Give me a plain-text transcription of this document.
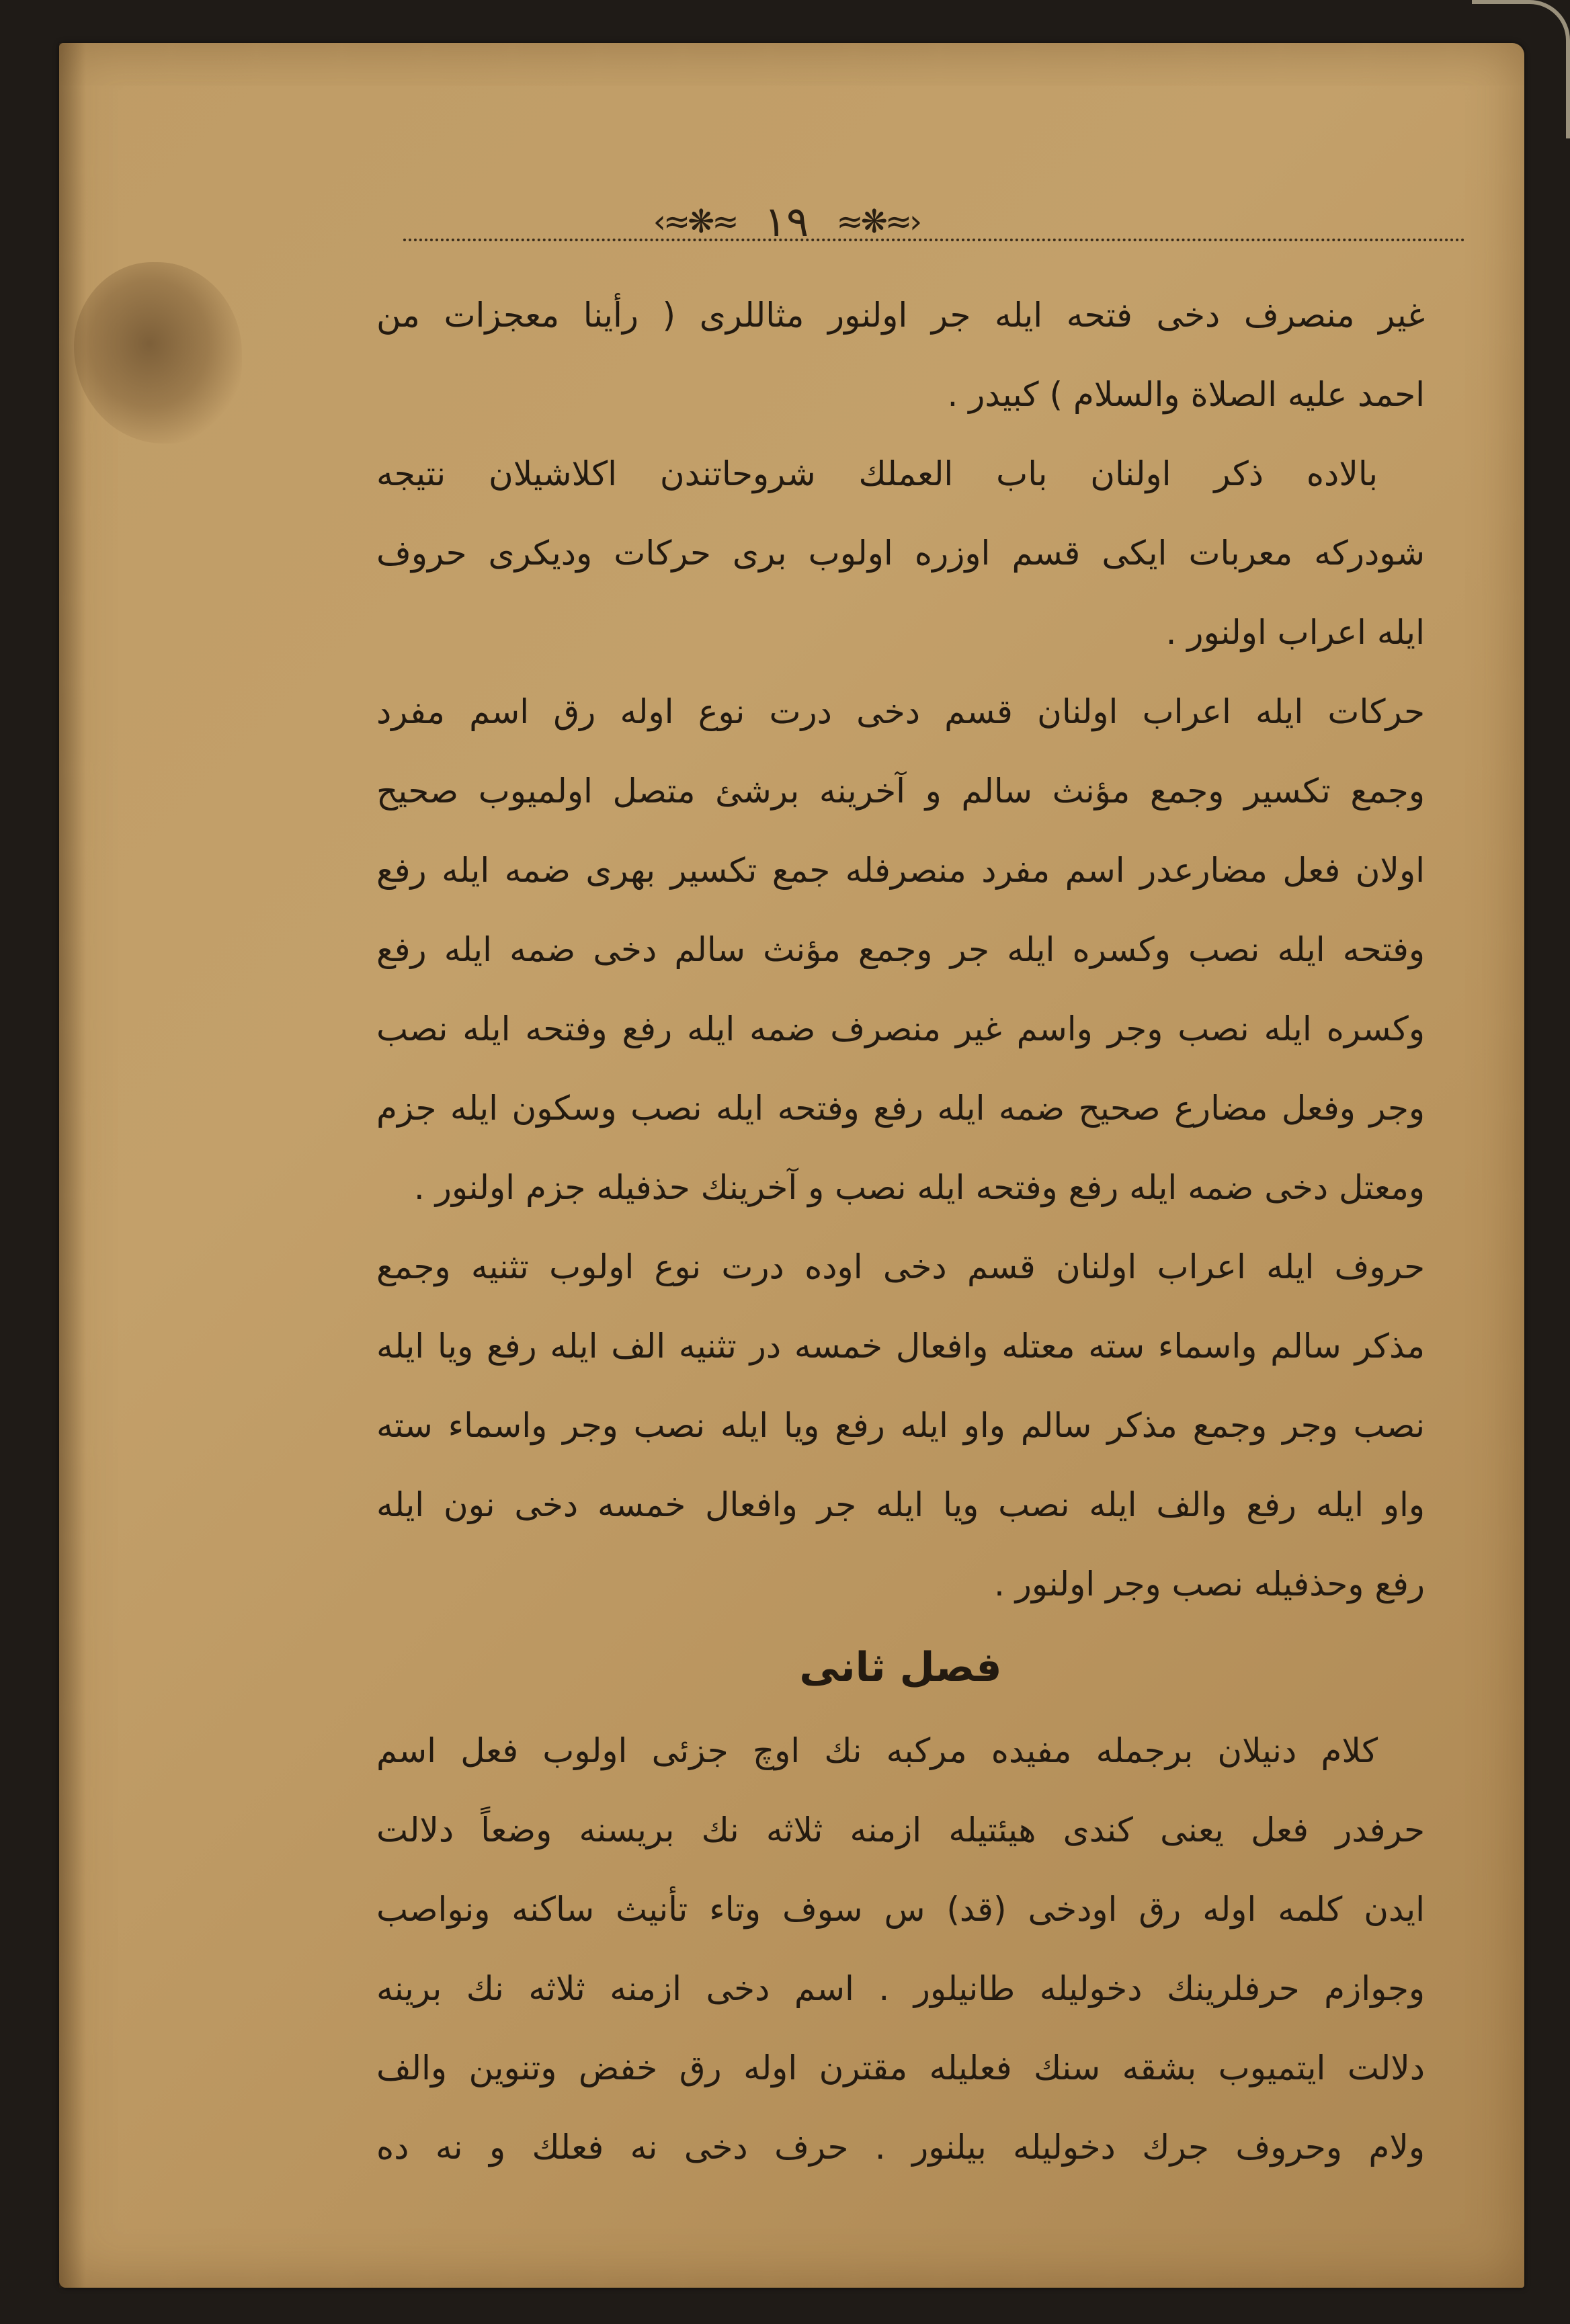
‹≈❋≈ ١٩ ≈❋≈›
غیر منصرف دخی فتحه ایله جر اولنور مثاللری ( رأینا معجزات من
احمد علیه الصلاة والسلام ) کبیدر .
بالاده ذکر اولنان باب العملك شروحاتندن اکلاشیلان نتیجه
شودرکه معربات ایکی قسم اوزره اولوب بری حرکات ودیکری حروف
ایله اعراب اولنور .
حرکات ایله اعراب اولنان قسم دخی درت نوع اوله رق اسم مفرد
وجمع تکسیر وجمع مؤنث سالم و آخرینه برشئ متصل اولمیوب صحیح
اولان فعل مضارعدر اسم مفرد منصرفله جمع تکسیر بهری ضمه ایله رفع
وفتحه ایله نصب وکسره ایله جر وجمع مؤنث سالم دخی ضمه ایله رفع
وکسره ایله نصب وجر واسم غیر منصرف ضمه ایله رفع وفتحه ایله نصب
وجر وفعل مضارع صحیح ضمه ایله رفع وفتحه ایله نصب وسکون ایله جزم
ومعتل دخی ضمه ایله رفع وفتحه ایله نصب و آخرینك حذفیله جزم اولنور .
حروف ایله اعراب اولنان قسم دخی اوده درت نوع اولوب تثنیه وجمع
مذکر سالم واسماء سته معتله وافعال خمسه در تثنیه الف ایله رفع ویا ایله
نصب وجر وجمع مذکر سالم واو ایله رفع ویا ایله نصب وجر واسماء سته
واو ایله رفع والف ایله نصب ویا ایله جر وافعال خمسه دخی نون ایله
رفع وحذفیله نصب وجر اولنور .
فصل ثانی
کلام دنیلان برجمله مفیده مرکبه نك اوچ جزئی اولوب فعل اسم
حرفدر فعل یعنی کندی هیئتیله ازمنه ثلاثه نك بریسنه وضعاً دلالت
ایدن کلمه اوله رق اودخی (قد) س سوف وتاء تأنیث ساکنه ونواصب
وجوازم حرفلرینك دخولیله طانیلور . اسم دخی ازمنه ثلاثه نك برینه
دلالت ایتمیوب بشقه سنك فعلیله مقترن اوله رق خفض وتنوین والف
ولام وحروف جرك دخولیله بیلنور . حرف دخی نه فعلك و نه ده
